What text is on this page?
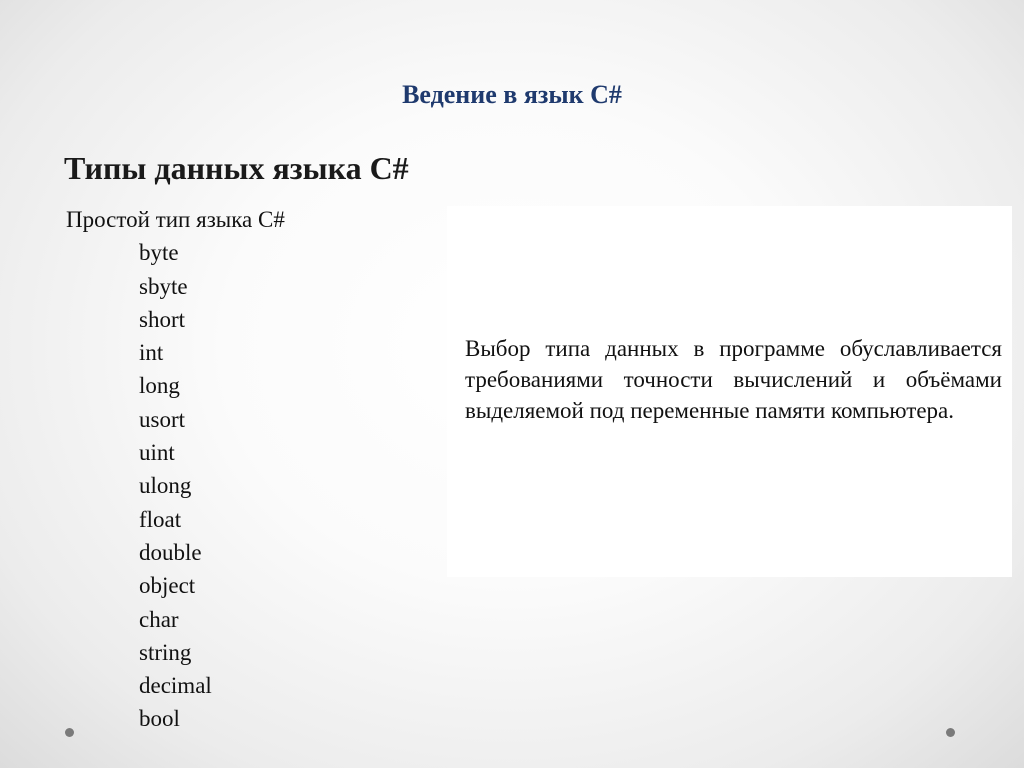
Ведение в язык C#
Типы данных языка C#
Простой тип языка C#
byte
sbyte
short
int
long
usort
uint
ulong
float
double
object
char
string
decimal
bool

Выбор типа данных в программе обуславливается требованиями точности вычислений и объёмами выделяемой под переменные памяти компьютера.
